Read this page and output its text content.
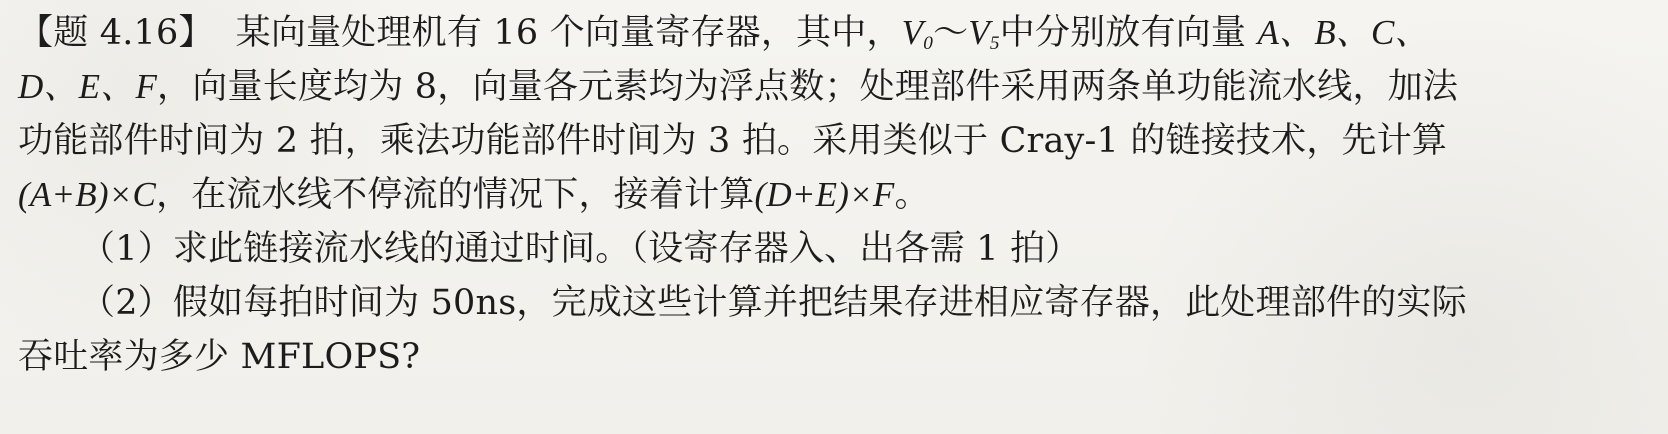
【题 4.16】 某向量处理机有 16 个向量寄存器，其中，$V_0\sim V_5$中分别放有向量 A、B、C、
D、E、F，向量长度均为 8，向量各元素均为浮点数；处理部件采用两条单功能流水线，加法
功能部件时间为 2 拍，乘法功能部件时间为 3 拍。采用类似于 Cray-1 的链接技术，先计算
(A+B)×C，在流水线不停流的情况下，接着计算(D+E)×F。
（1）求此链接流水线的通过时间。（设寄存器入、出各需 1 拍）
（2）假如每拍时间为 50ns，完成这些计算并把结果存进相应寄存器，此处理部件的实际
吞吐率为多少 MFLOPS?
